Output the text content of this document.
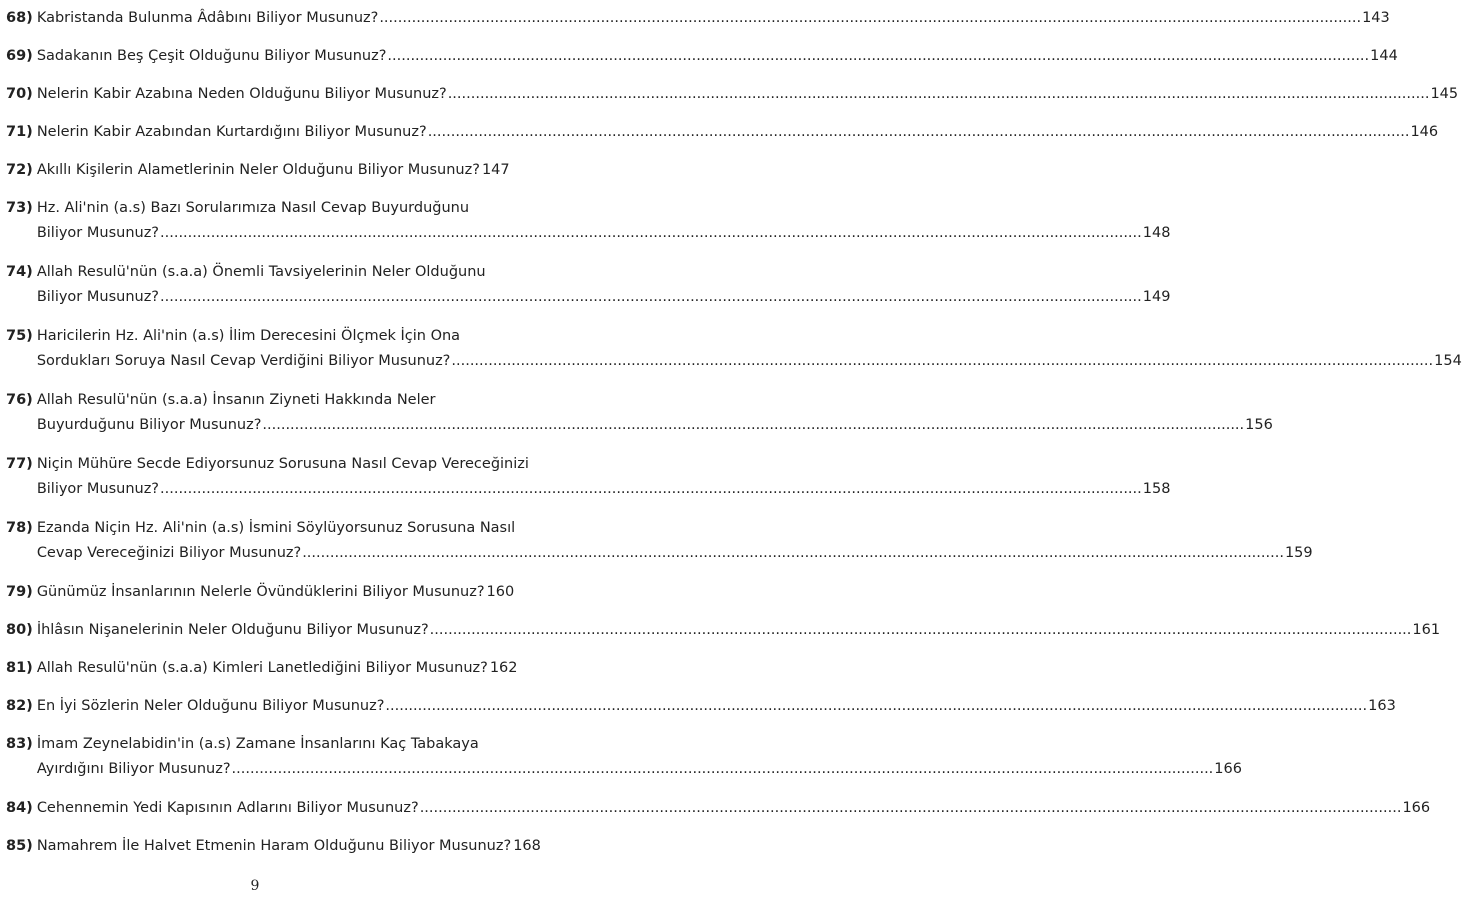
68) Kabristanda Bulunma Âdâbını Biliyor Musunuz? .....	143
69) Sadakanın Beş Çeşit Olduğunu Biliyor Musunuz? .....	144
70) Nelerin Kabir Azabına Neden Olduğunu Biliyor Musunuz? .....	145
71) Nelerin Kabir Azabından Kurtardığını Biliyor Musunuz? .....	146
72) Akıllı Kişilerin Alametlerinin Neler Olduğunu Biliyor Musunuz? 147
73) Hz. Ali'nin (a.s) Bazı Sorularımıza Nasıl Cevap Buyurduğunu
Biliyor Musunuz? .....	148
74) Allah Resulü'nün (s.a.a) Önemli Tavsiyelerinin Neler Olduğunu
Biliyor Musunuz? .....	149
75) Haricilerin Hz. Ali'nin (a.s) İlim Derecesini Ölçmek İçin Ona
Sordukları Soruya Nasıl Cevap Verdiğini Biliyor Musunuz? .....	154
76) Allah Resulü'nün (s.a.a) İnsanın Ziyneti Hakkında Neler
Buyurduğunu Biliyor Musunuz? .....	156
77) Niçin Mühüre Secde Ediyorsunuz Sorusuna Nasıl Cevap Vereceğinizi
Biliyor Musunuz? .....	158
78) Ezanda Niçin Hz. Ali'nin (a.s) İsmini Söylüyorsunuz Sorusuna Nasıl
Cevap Vereceğinizi Biliyor Musunuz? .....	159
79) Günümüz İnsanlarının Nelerle Övündüklerini Biliyor Musunuz? 160
80) İhlâsın Nişanelerinin Neler Olduğunu Biliyor Musunuz? .....	161
81) Allah Resulü'nün (s.a.a) Kimleri Lanetlediğini Biliyor Musunuz? 162
82) En İyi Sözlerin Neler Olduğunu Biliyor Musunuz? .....	163
83) İmam Zeynelabidin'in (a.s) Zamane İnsanlarını Kaç Tabakaya
Ayırdığını Biliyor Musunuz? .....	166
84) Cehennemin Yedi Kapısının Adlarını Biliyor Musunuz? .....	166
85) Namahrem İle Halvet Etmenin Haram Olduğunu Biliyor Musunuz? 168
9
